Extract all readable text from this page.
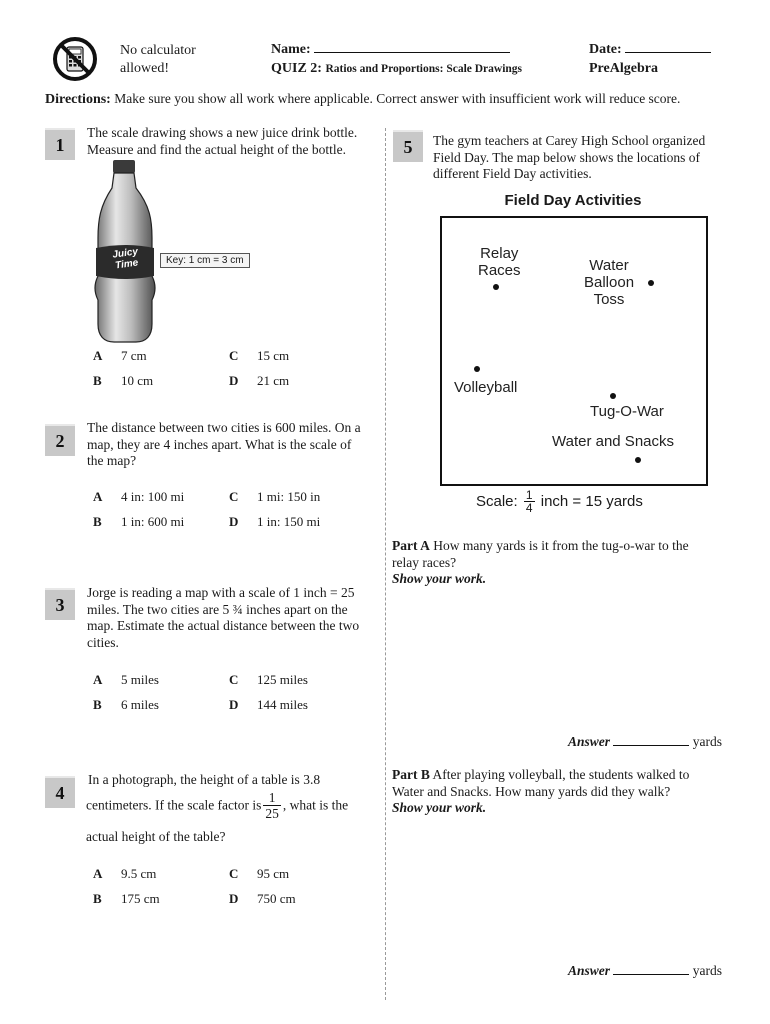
No calculator
allowed!
Name:
QUIZ 2: Ratios and Proportions: Scale Drawings
Date:
PreAlgebra
Directions: Make sure you show all work where applicable. Correct answer with insufficient work will reduce score.
1
The scale drawing shows a new juice drink bottle.
Measure and find the actual height of the bottle.
Juicy
Time	Key: 1 cm = 3 cm
A 7 cm	C 15 cm
B 10 cm	D 21 cm
2
The distance between two cities is 600 miles. On a
map, they are 4 inches apart. What is the scale of
the map?
A 4 in: 100 mi	C 1 mi: 150 in
B 1 in: 600 mi	D 1 in: 150 mi
3
Jorge is reading a map with a scale of 1 inch = 25
miles. The two cities are 5 ¾ inches apart on the
map. Estimate the actual distance between the two
cities.
A 5 miles	C 125 miles
B 6 miles	D 144 miles
4
In a photograph, the height of a table is 3.8
centimeters. If the scale factor is $\frac{1}{25}$ , what is the
actual height of the table?
A 9.5 cm	C 95 cm
B 175 cm	D 750 cm
5	The gym teachers at Carey High School organized
Field Day. The map below shows the locations of
different Field Day activities.
Field Day Activities
Relay
Races	Water
Balloon
Toss
Volleyball
Tug-O-War
Water and Snacks
Scale: $\frac{1}{4}$ inch = 15 yards
Part A How many yards is it from the tug-o-war to the
relay races?
Show your work.
Answer	yards
Part B After playing volleyball, the students walked to
Water and Snacks. How many yards did they walk?
Show your work.
Answer	yards
